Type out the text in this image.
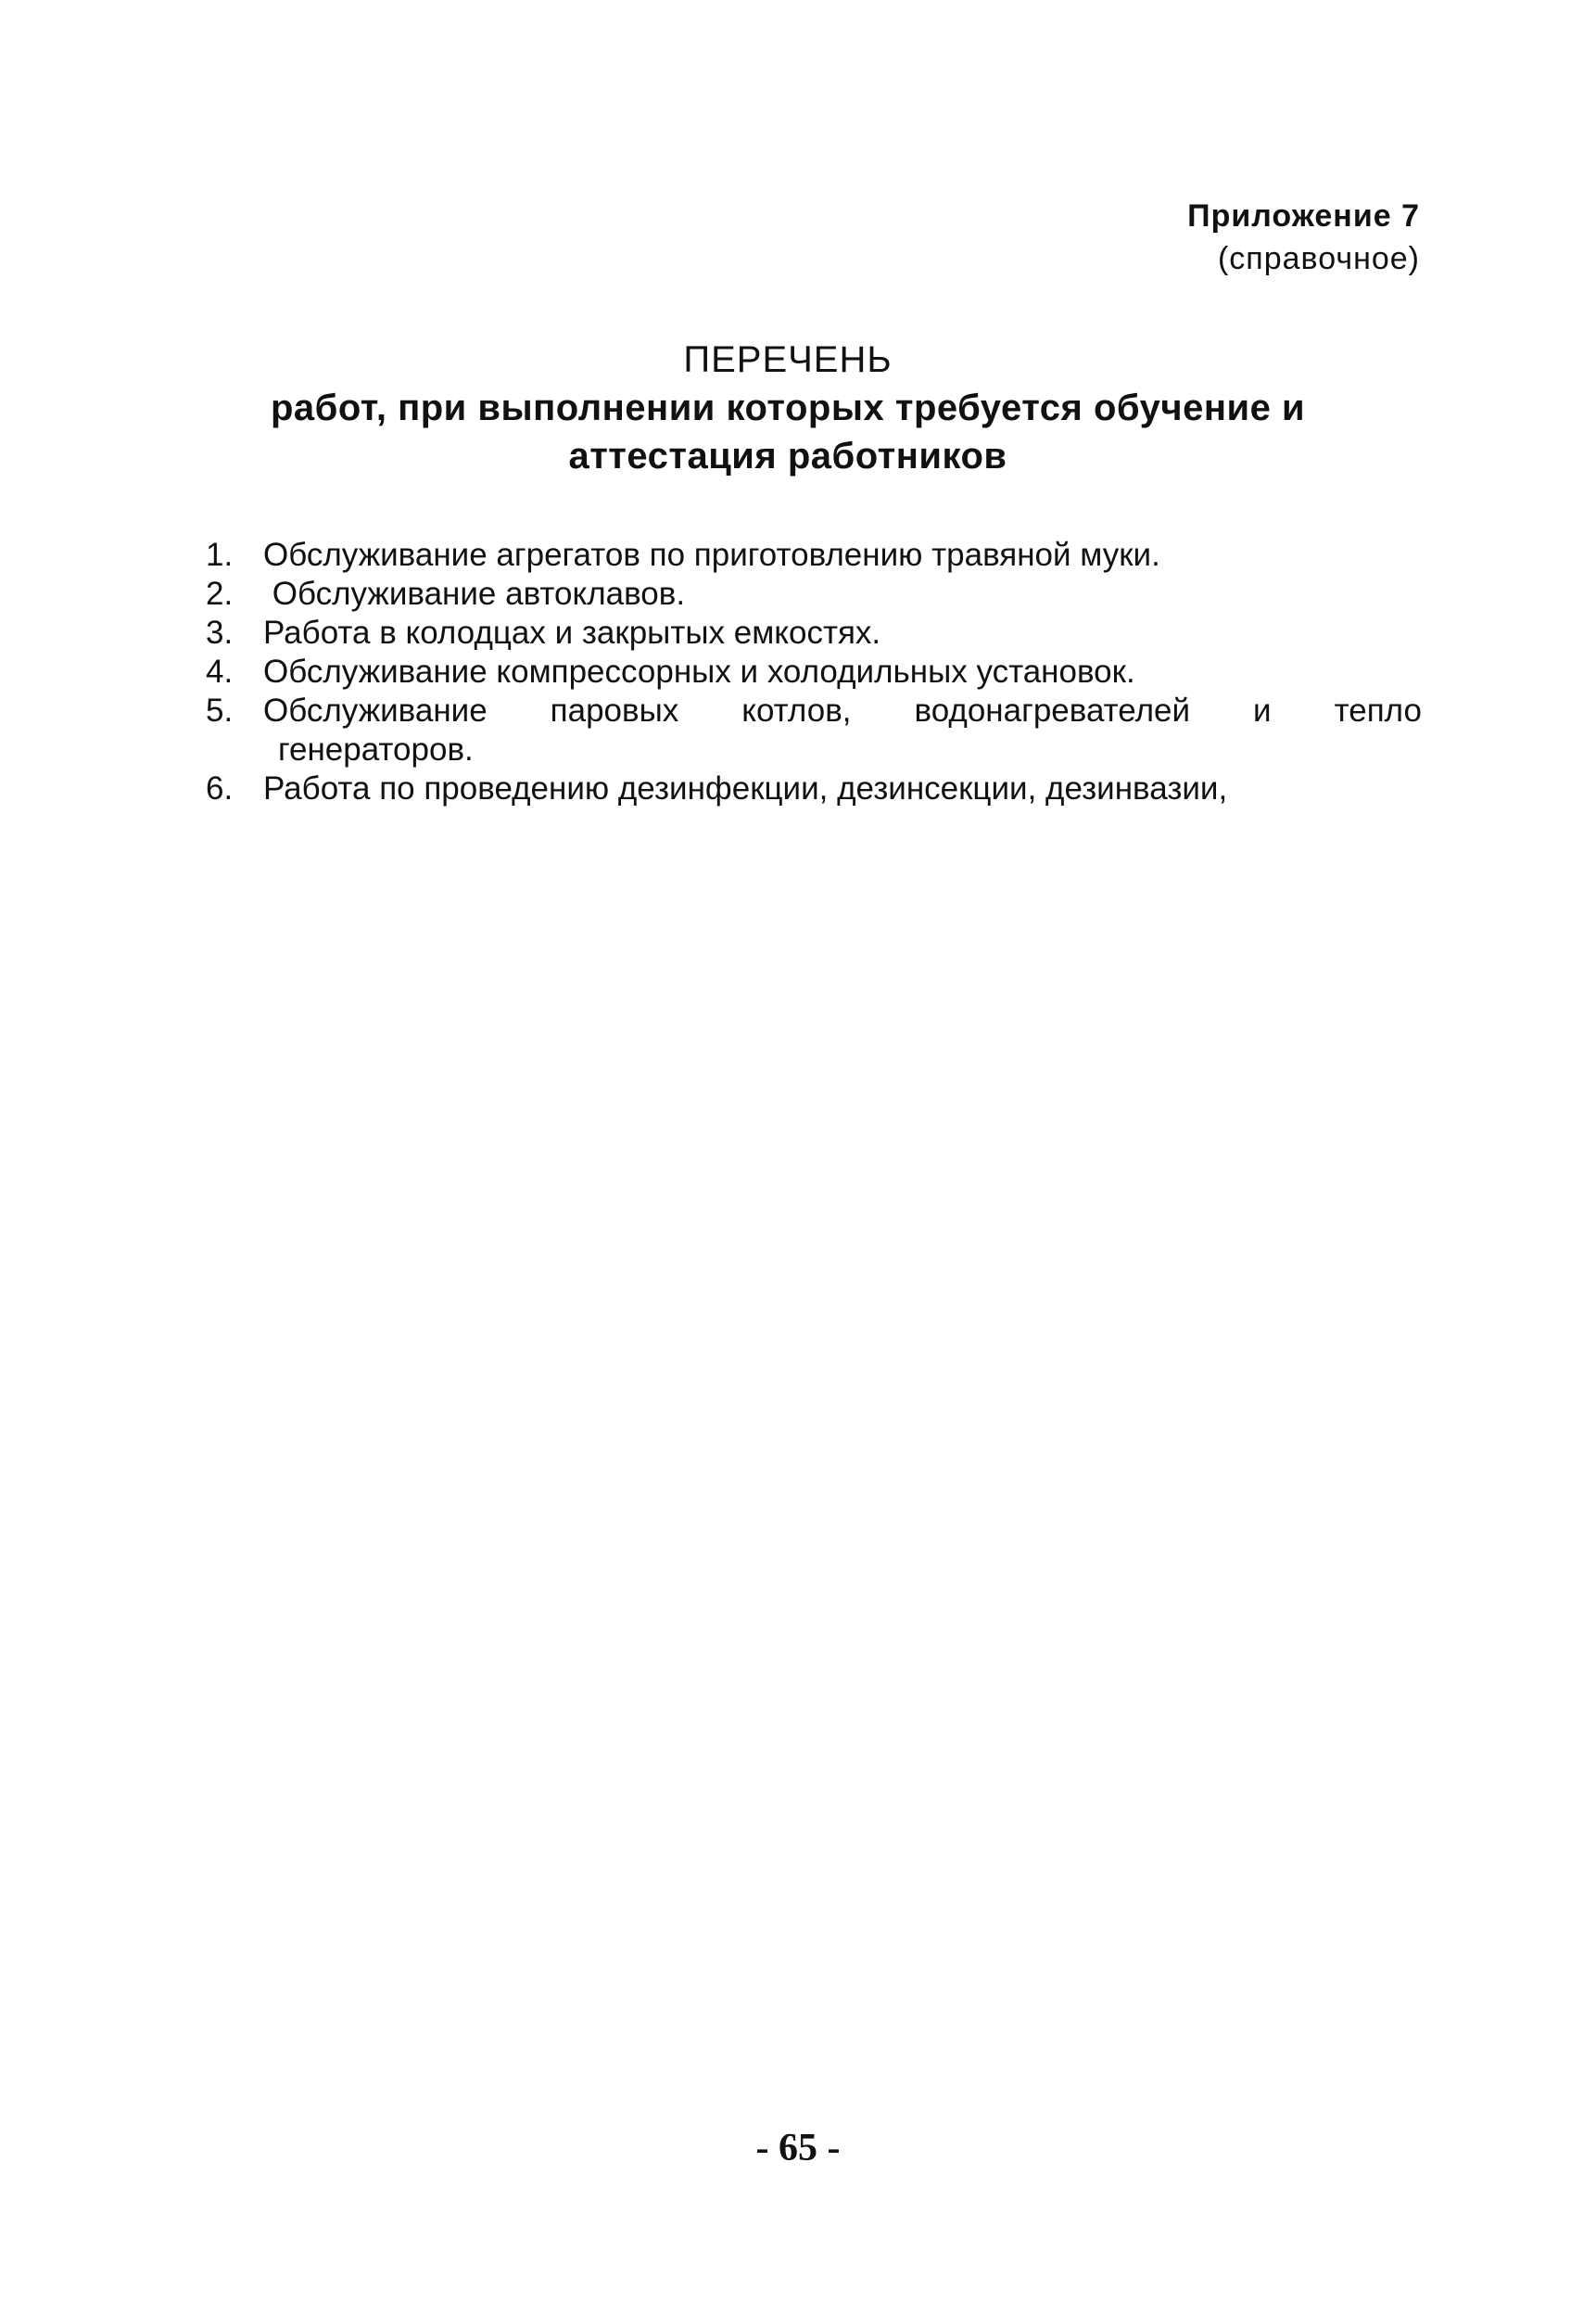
Приложение 7
(справочное)
ПЕРЕЧЕНЬ
работ, при выполнении которых требуется обучение и
аттестация работников
1. Обслуживание агрегатов по приготовлению травяной муки.
2. Обслуживание автоклавов.
3. Работа в колодцах и закрытых емкостях.
4. Обслуживание компрессорных и холодильных установок.
5. Обслуживание паровых котлов, водонагревателей и тепло
генераторов.
6. Работа по проведению дезинфекции, дезинсекции, дезинвазии,
- 65 -
